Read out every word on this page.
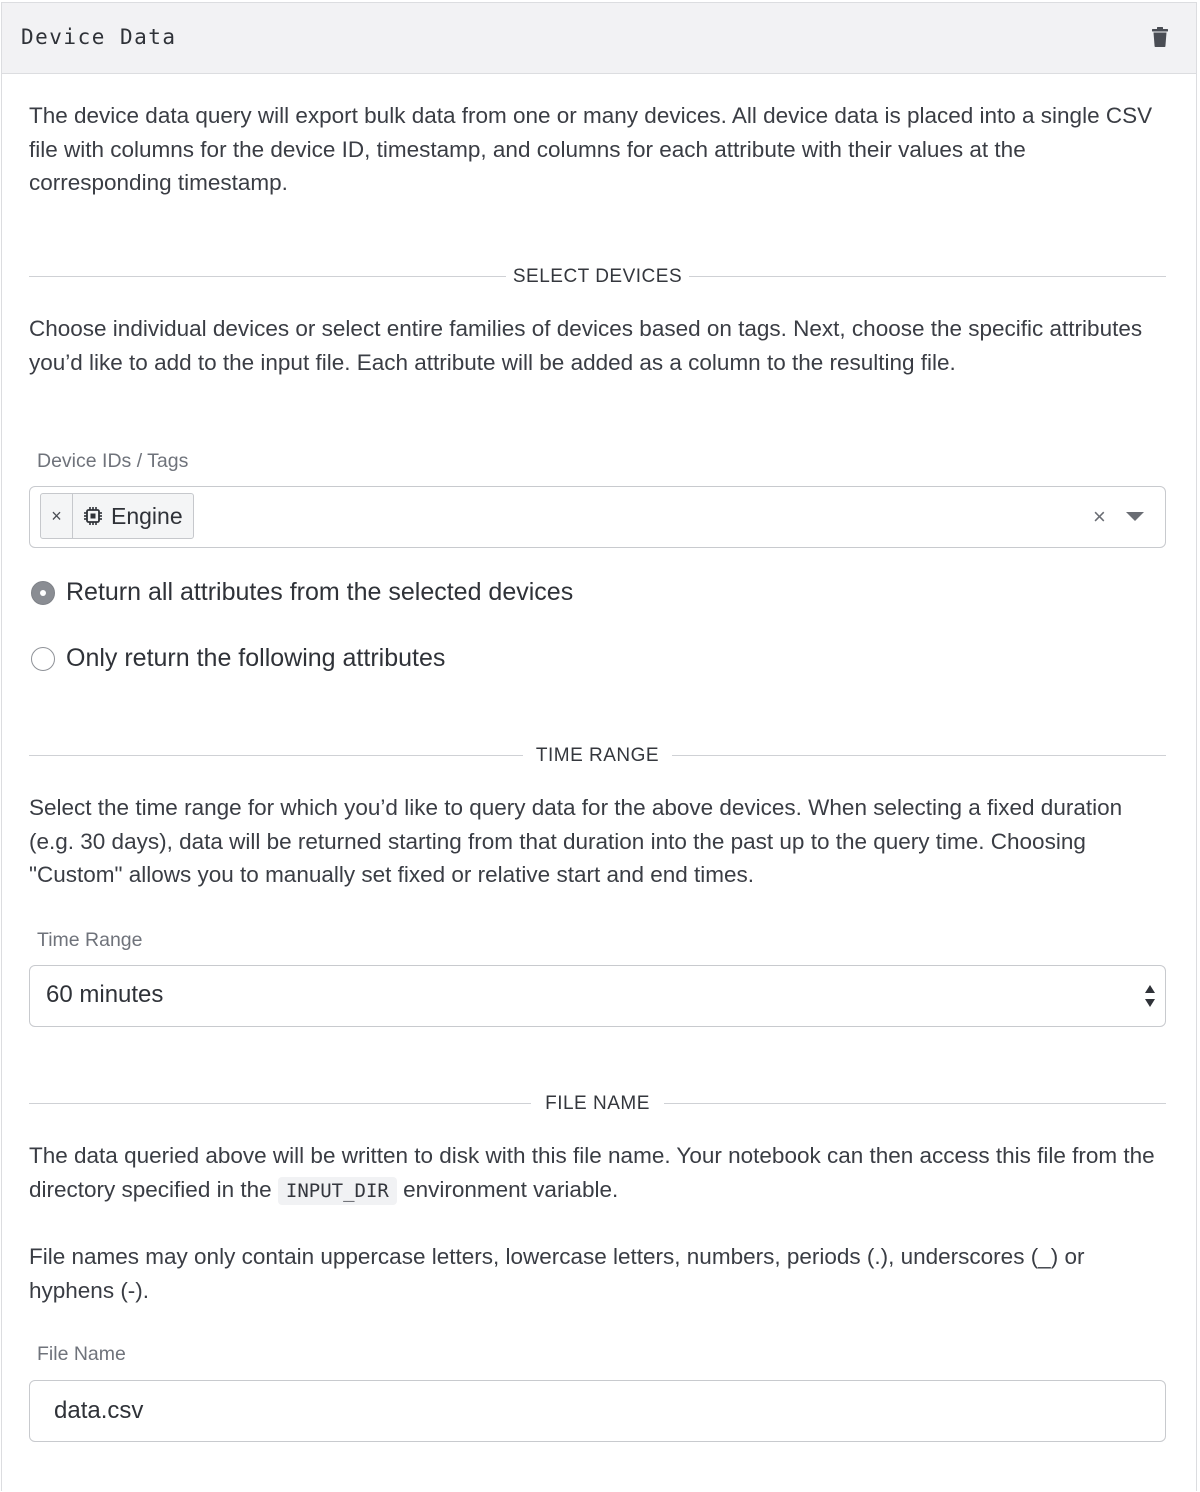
Device Data

The device data query will export bulk data from one or many devices. All device data is placed into a single CSV file with columns for the device ID, timestamp, and columns for each attribute with their values at the corresponding timestamp.

SELECT DEVICES

Choose individual devices or select entire families of devices based on tags. Next, choose the specific attributes you’d like to add to the input file. Each attribute will be added as a column to the resulting file.

Device IDs / Tags
×	Engine	×
Return all attributes from the selected devices
Only return the following attributes
TIME RANGE

Select the time range for which you’d like to query data for the above devices. When selecting a fixed duration (e.g. 30 days), data will be returned starting from that duration into the past up to the query time. Choosing "Custom" allows you to manually set fixed or relative start and end times.

Time Range
60 minutes
FILE NAME

The data queried above will be written to disk with this file name. Your notebook can then access this file from the directory specified in the INPUT_DIR environment variable.

File names may only contain uppercase letters, lowercase letters, numbers, periods (.), underscores (_) or hyphens (-).

File Name
data.csv
